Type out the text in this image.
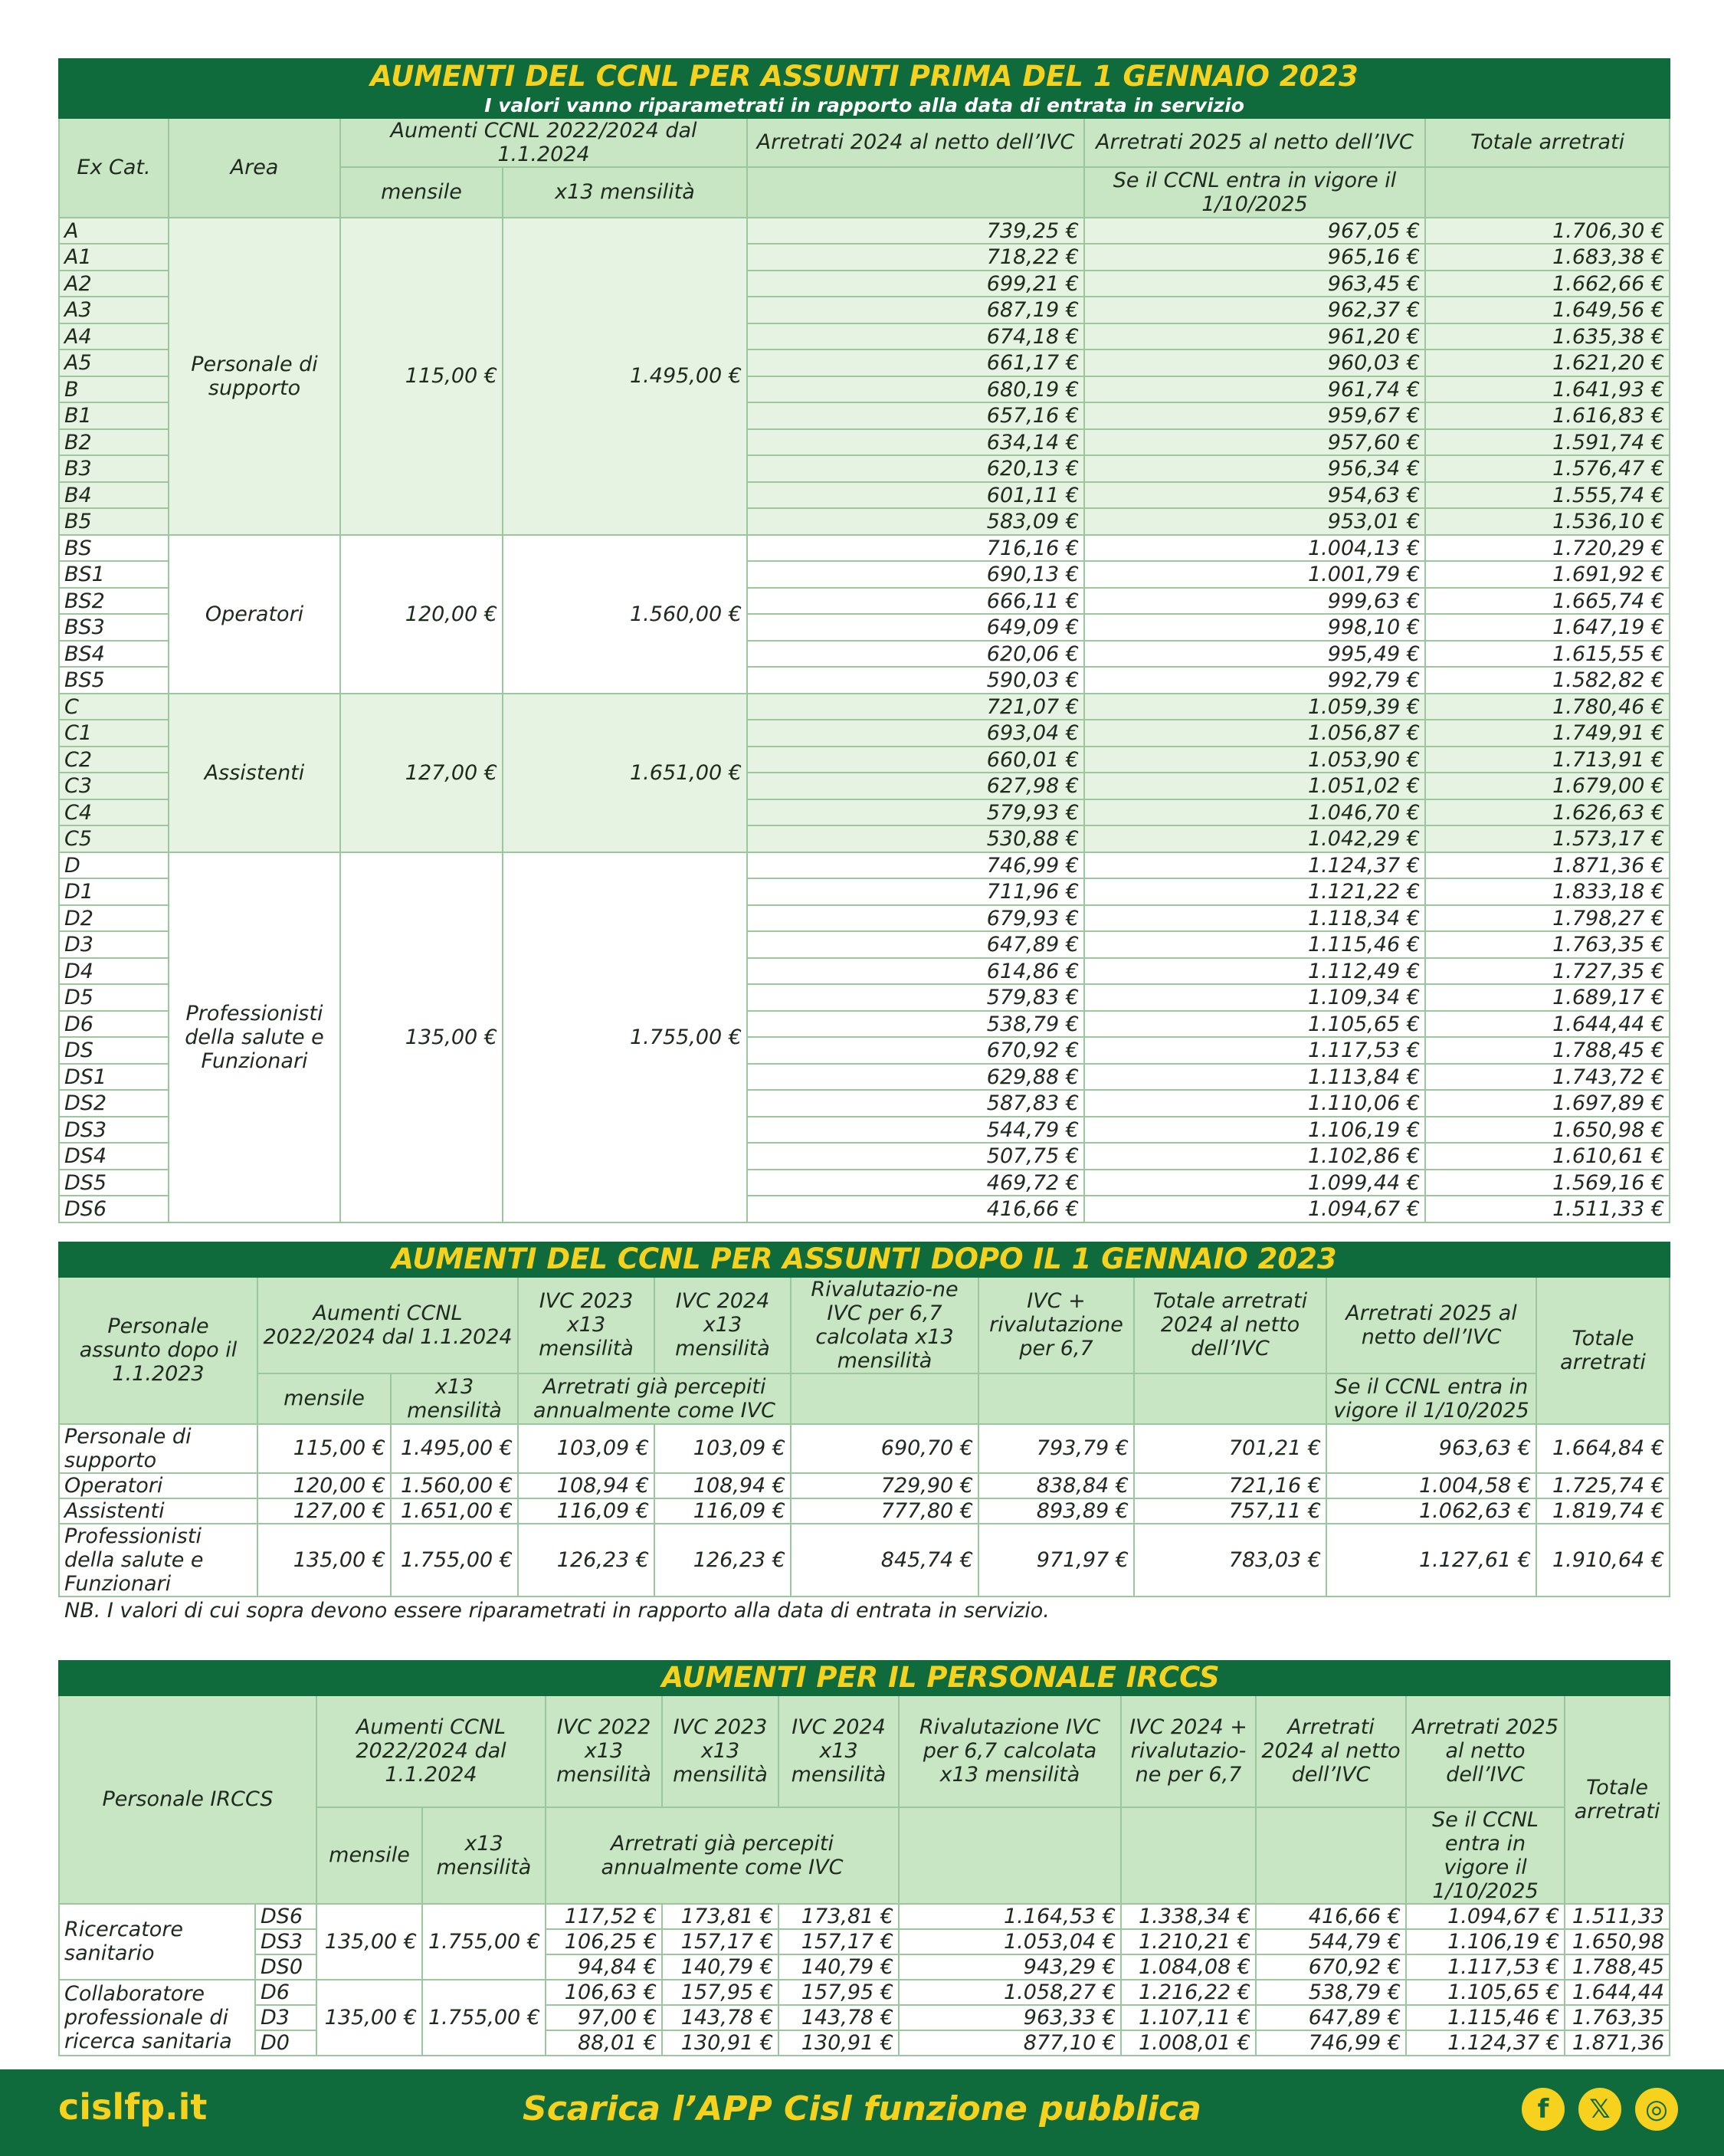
AUMENTI DEL CCNL PER ASSUNTI PRIMA DEL 1 GENNAIO 2023						
I valori vanno riparametrati in rapporto alla data di entrata in servizio						
Ex Cat.	Area	Aumenti CCNL 2022/2024 dal 1.1.2024		Arretrati 2024 al netto dell’IVC	Arretrati 2025 al netto dell’IVC	Totale arretrati
		mensile	x13 mensilità		Se il CCNL entra in vigore il 1/10/2025	
A	Personale di supporto	115,00 €	1.495,00 €	739,25 €	967,05 €	1.706,30 €
A1				718,22 €	965,16 €	1.683,38 €
A2				699,21 €	963,45 €	1.662,66 €
A3				687,19 €	962,37 €	1.649,56 €
A4				674,18 €	961,20 €	1.635,38 €
A5				661,17 €	960,03 €	1.621,20 €
B				680,19 €	961,74 €	1.641,93 €
B1				657,16 €	959,67 €	1.616,83 €
B2				634,14 €	957,60 €	1.591,74 €
B3				620,13 €	956,34 €	1.576,47 €
B4				601,11 €	954,63 €	1.555,74 €
B5				583,09 €	953,01 €	1.536,10 €
BS	Operatori	120,00 €	1.560,00 €	716,16 €	1.004,13 €	1.720,29 €
BS1				690,13 €	1.001,79 €	1.691,92 €
BS2				666,11 €	999,63 €	1.665,74 €
BS3				649,09 €	998,10 €	1.647,19 €
BS4				620,06 €	995,49 €	1.615,55 €
BS5				590,03 €	992,79 €	1.582,82 €
C	Assistenti	127,00 €	1.651,00 €	721,07 €	1.059,39 €	1.780,46 €
C1				693,04 €	1.056,87 €	1.749,91 €
C2				660,01 €	1.053,90 €	1.713,91 €
C3				627,98 €	1.051,02 €	1.679,00 €
C4				579,93 €	1.046,70 €	1.626,63 €
C5				530,88 €	1.042,29 €	1.573,17 €
D	Professionisti della salute e Funzionari	135,00 €	1.755,00 €	746,99 €	1.124,37 €	1.871,36 €
D1				711,96 €	1.121,22 €	1.833,18 €
D2				679,93 €	1.118,34 €	1.798,27 €
D3				647,89 €	1.115,46 €	1.763,35 €
D4				614,86 €	1.112,49 €	1.727,35 €
D5				579,83 €	1.109,34 €	1.689,17 €
D6				538,79 €	1.105,65 €	1.644,44 €
DS				670,92 €	1.117,53 €	1.788,45 €
DS1				629,88 €	1.113,84 €	1.743,72 €
DS2				587,83 €	1.110,06 €	1.697,89 €
DS3				544,79 €	1.106,19 €	1.650,98 €
DS4				507,75 €	1.102,86 €	1.610,61 €
DS5				469,72 €	1.099,44 €	1.569,16 €
DS6				416,66 €	1.094,67 €	1.511,33 €
AUMENTI DEL CCNL PER ASSUNTI DOPO IL 1 GENNAIO 2023									
Personale assunto dopo il 1.1.2023	Aumenti CCNL 2022/2024 dal 1.1.2024		IVC 2023 x13 mensilità	IVC 2024 x13 mensilità	Rivalutazio-ne IVC per 6,7 calcolata x13 mensilità	IVC + rivalutazione per 6,7	Totale arretrati 2024 al netto dell’IVC	Arretrati 2025 al netto dell’IVC	Totale arretrati
	mensile	x13 mensilità	Arretrati già percepiti annualmente come IVC					Se il CCNL entra in vigore il 1/10/2025	
Personale di supporto	115,00 €	1.495,00 €	103,09 €	103,09 €	690,70 €	793,79 €	701,21 €	963,63 €	1.664,84 €
Operatori	120,00 €	1.560,00 €	108,94 €	108,94 €	729,90 €	838,84 €	721,16 €	1.004,58 €	1.725,74 €
Assistenti	127,00 €	1.651,00 €	116,09 €	116,09 €	777,80 €	893,89 €	757,11 €	1.062,63 €	1.819,74 €
Professionisti della salute e Funzionari	135,00 €	1.755,00 €	126,23 €	126,23 €	845,74 €	971,97 €	783,03 €	1.127,61 €	1.910,64 €
NB. I valori di cui sopra devono essere riparametrati in rapporto alla data di entrata in servizio.
		AUMENTI PER IL PERSONALE IRCCS									
Personale IRCCS		Aumenti CCNL 2022/2024 dal 1.1.2024		IVC 2022 x13 mensilità	IVC 2023 x13 mensilità	IVC 2024 x13 mensilità	Rivalutazione IVC per 6,7 calcolata x13 mensilità	IVC 2024 + rivalutazio-ne per 6,7	Arretrati 2024 al netto dell’IVC	Arretrati 2025 al netto dell’IVC	Totale arretrati
		mensile	x13 mensilità	Arretrati già percepiti annualmente come IVC						Se il CCNL entra in vigore il 1/10/2025	
Ricercatore sanitario	DS6	135,00 €	1.755,00 €	117,52 €	173,81 €	173,81 €	1.164,53 €	1.338,34 €	416,66 €	1.094,67 €	1.511,33
	DS3			106,25 €	157,17 €	157,17 €	1.053,04 €	1.210,21 €	544,79 €	1.106,19 €	1.650,98
	DS0			94,84 €	140,79 €	140,79 €	943,29 €	1.084,08 €	670,92 €	1.117,53 €	1.788,45
Collaboratore professionale di ricerca sanitaria	D6	135,00 €	1.755,00 €	106,63 €	157,95 €	157,95 €	1.058,27 €	1.216,22 €	538,79 €	1.105,65 €	1.644,44
	D3			97,00 €	143,78 €	143,78 €	963,33 €	1.107,11 €	647,89 €	1.115,46 €	1.763,35
	D0			88,01 €	130,91 €	130,91 €	877,10 €	1.008,01 €	746,99 €	1.124,37 €	1.871,36
cislfp.it	Scarica l’APP Cisl funzione pubblica	f	𝕏	◎
